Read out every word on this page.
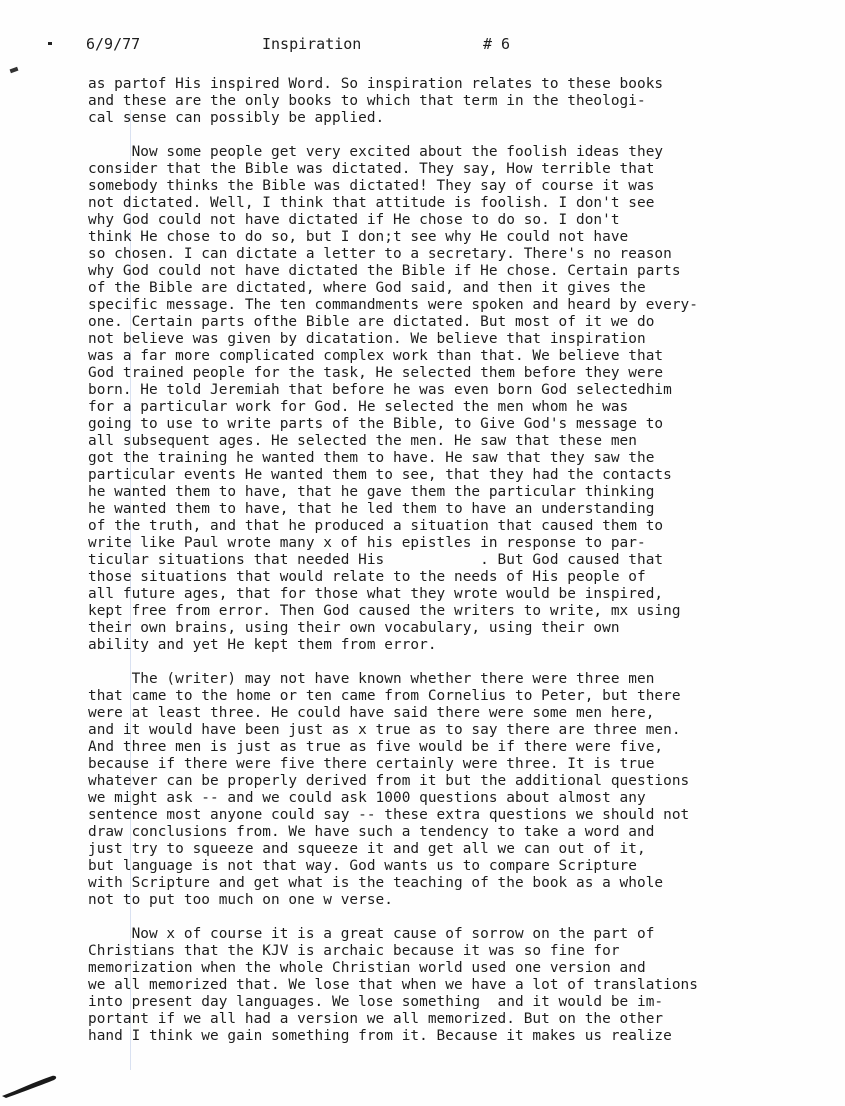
6/9/77	Inspiration	# 6
as partof His inspired Word. So inspiration relates to these books
and these are the only books to which that term in the theologi-
cal sense can possibly be applied.
Now some people get very excited about the foolish ideas they
consider that the Bible was dictated. They say, How terrible that
somebody thinks the Bible was dictated! They say of course it was
not dictated. Well, I think that attitude is foolish. I don't see
why God could not have dictated if He chose to do so. I don't
think He chose to do so, but I don;t see why He could not have
so chosen. I can dictate a letter to a secretary. There's no reason
why God could not have dictated the Bible if He chose. Certain parts
of the Bible are dictated, where God said, and then it gives the
specific message. The ten commandments were spoken and heard by every-
one. Certain parts ofthe Bible are dictated. But most of it we do
not believe was given by dicatation. We believe that inspiration
was a far more complicated complex work than that. We believe that
God trained people for the task, He selected them before they were
born. He told Jeremiah that before he was even born God selectedhim
for a particular work for God. He selected the men whom he was
going to use to write parts of the Bible, to Give God's message to
all subsequent ages. He selected the men. He saw that these men
got the training he wanted them to have. He saw that they saw the
particular events He wanted them to see, that they had the contacts
he wanted them to have, that he gave them the particular thinking
he wanted them to have, that he led them to have an understanding
of the truth, and that he produced a situation that caused them to
write like Paul wrote many x of his epistles in response to par-
ticular situations that needed His           . But God caused that
those situations that would relate to the needs of His people of
all future ages, that for those what they wrote would be inspired,
kept free from error. Then God caused the writers to write, mx using
their own brains, using their own vocabulary, using their own
ability and yet He kept them from error.
The (writer) may not have known whether there were three men
that came to the home or ten came from Cornelius to Peter, but there
were at least three. He could have said there were some men here,
and it would have been just as x true as to say there are three men.
And three men is just as true as five would be if there were five,
because if there were five there certainly were three. It is true
whatever can be properly derived from it but the additional questions
we might ask -- and we could ask 1000 questions about almost any
sentence most anyone could say -- these extra questions we should not
draw conclusions from. We have such a tendency to take a word and
just try to squeeze and squeeze it and get all we can out of it,
but language is not that way. God wants us to compare Scripture
with Scripture and get what is the teaching of the book as a whole
not to put too much on one w verse.
Now x of course it is a great cause of sorrow on the part of
Christians that the KJV is archaic because it was so fine for
memorization when the whole Christian world used one version and
we all memorized that. We lose that when we have a lot of translations
into present day languages. We lose something  and it would be im-
portant if we all had a version we all memorized. But on the other
hand I think we gain something from it. Because it makes us realize
